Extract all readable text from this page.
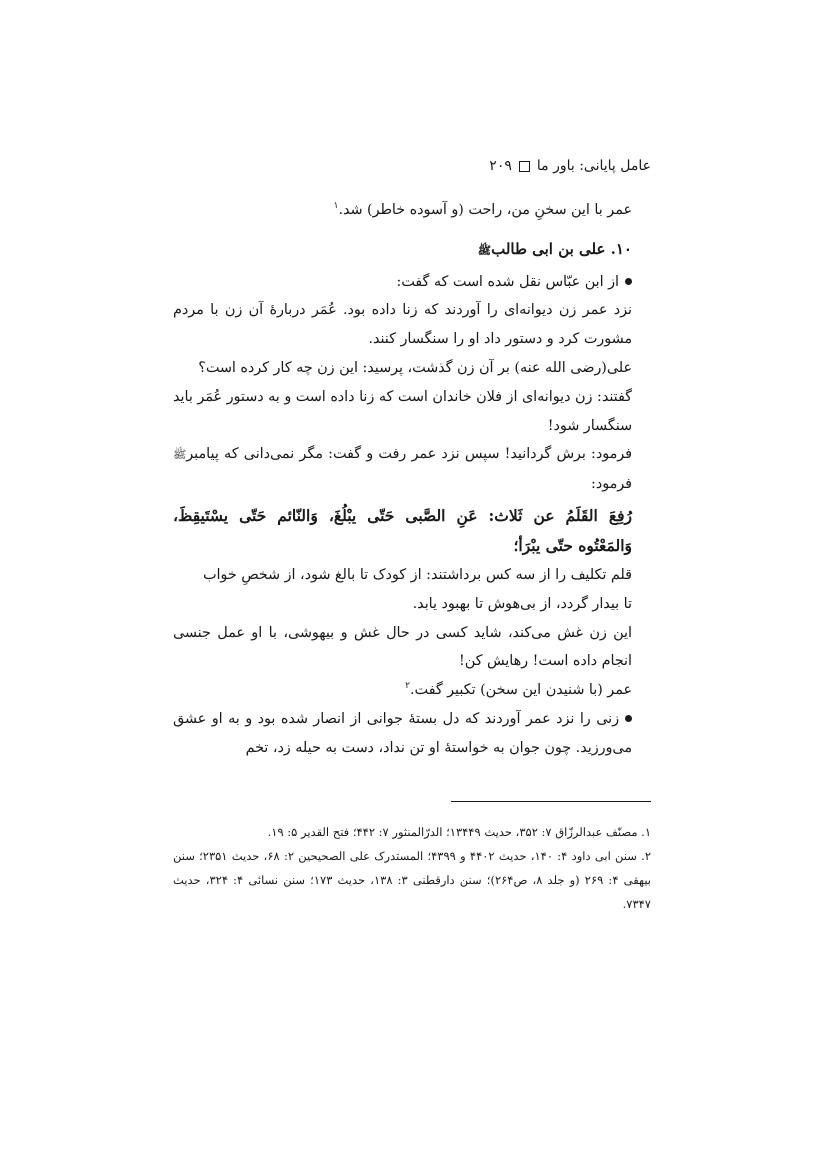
عامل پایانی: باور ما
۲۰۹

عمر با این سخنِ من، راحت (و آسوده خاطر) شد.$^۱$

۱۰. علی بن ابی طالبﷺ

از ابن عبّاس نقل شده است که گفت:

نزد عمر زن دیوانه‌ای را آوردند که زنا داده بود. عُمَر دربارهٔ آن زن با مردم مشورت کرد و دستور داد او را سنگسار کنند.

علی(رضی الله عنه) بر آن زن گذشت، پرسید: این زن چه کار کرده است؟

گفتند: زن دیوانه‌ای از فلان خاندان است که زنا داده است و به دستور عُمَر باید سنگسار شود!

فرمود: برش گردانید! سپس نزد عمر رفت و گفت: مگر نمی‌دانی که پیامبرﷺ فرمود:

رُفِعَ القَلَمُ عن ثَلاث: عَنِ الصَّبی حَتّی یبْلُغَ، وَالنّائم حَتّی یسْتَیقِظَ، وَالمَعْتُوه حتّی یبْرَأ؛

قلم تکلیف را از سه کس برداشتند: از کودک تا بالغ شود، از شخصِ خواب تا بیدار گردد، از بی‌هوش تا بهبود یابد.

این زن غش می‌کند، شاید کسی در حال غش و بیهوشی، با او عمل جنسی انجام داده است! رهایش کن!

عمر (با شنیدن این سخن) تکبیر گفت.$^۲$

زنی را نزد عمر آوردند که دل بستهٔ جوانی از انصار شده بود و به او عشق می‌ورزید. چون جوان به خواستهٔ او تن نداد، دست به حیله زد، تخم

۱. مصنّف عبدالرزّاق ۷: ۳۵۲، حدیث ۱۳۴۴۹؛ الدرّالمنثور ۷: ۴۴۲؛ فتح القدیر ۵: ۱۹.

۲. سنن ابی داود ۴: ۱۴۰، حدیث ۴۴۰۲ و ۴۳۹۹؛ المستدرک علی الصحیحین ۲: ۶۸، حدیث ۲۳۵۱؛ سنن بیهقی ۴: ۲۶۹ (و جلد ۸، ص۲۶۴)؛ سنن دارقطنی ۳: ۱۳۸، حدیث ۱۷۳؛ سنن نسائی ۴: ۳۲۴، حدیث ۷۳۴۷.
